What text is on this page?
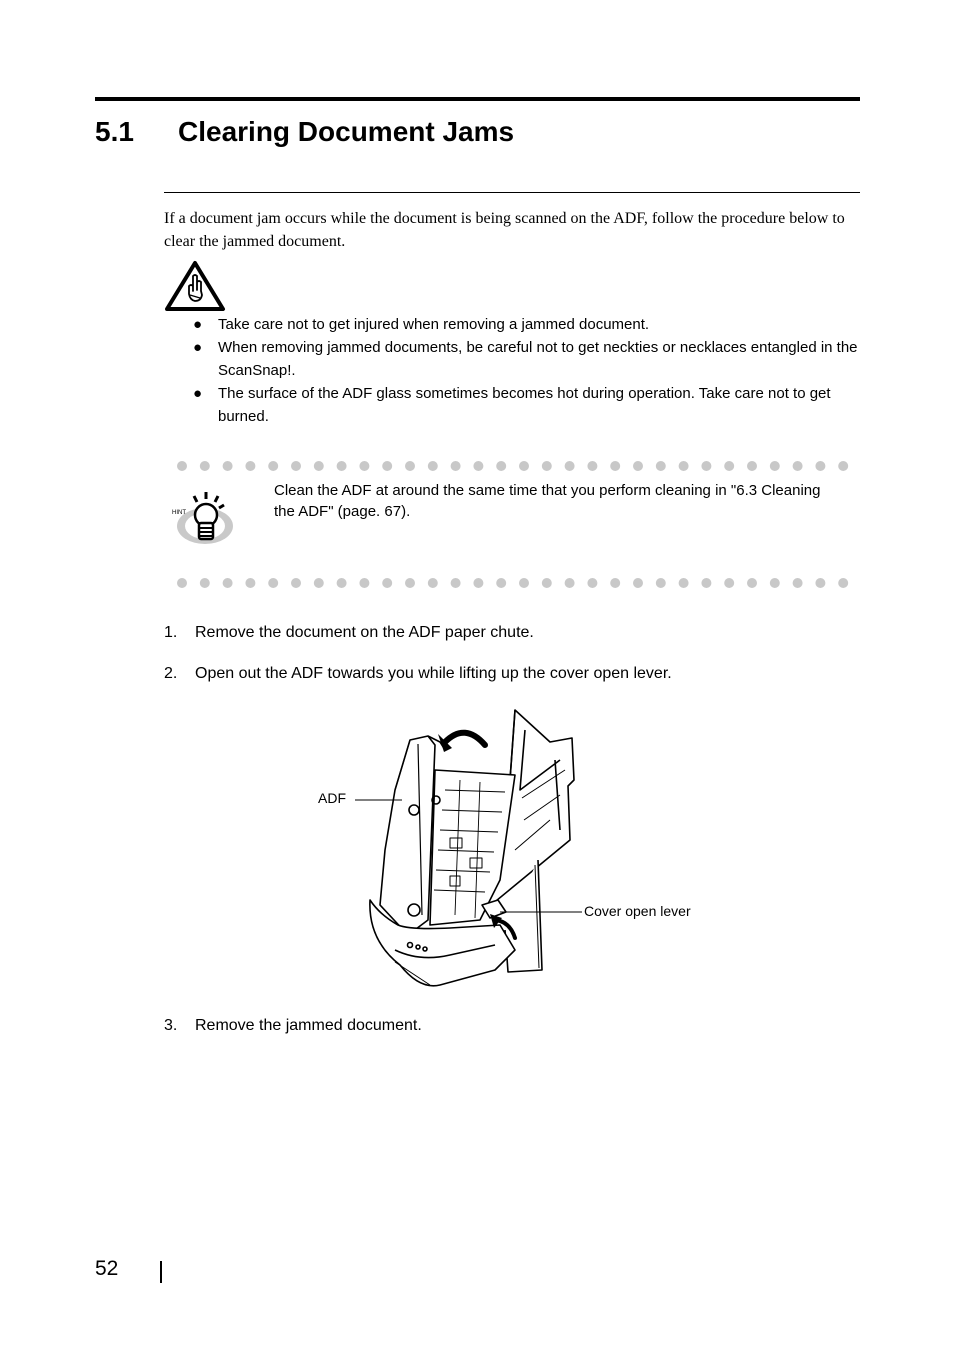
5.1 Clearing Document Jams
If a document jam occurs while the document is being scanned on the ADF, follow the procedure below to clear the jammed document.
● Take care not to get injured when removing a jammed document.
● When removing jammed documents, be careful not to get neckties or necklaces entangled in the ScanSnap!.
● The surface of the ADF glass sometimes becomes hot during operation. Take care not to get burned.
HINT
Clean the ADF at around the same time that you perform cleaning in "6.3 Cleaning the ADF" (page. 67).
1. Remove the document on the ADF paper chute.
2. Open out the ADF towards you while lifting up the cover open lever.
ADF
Cover open lever
3. Remove the jammed document.
52
